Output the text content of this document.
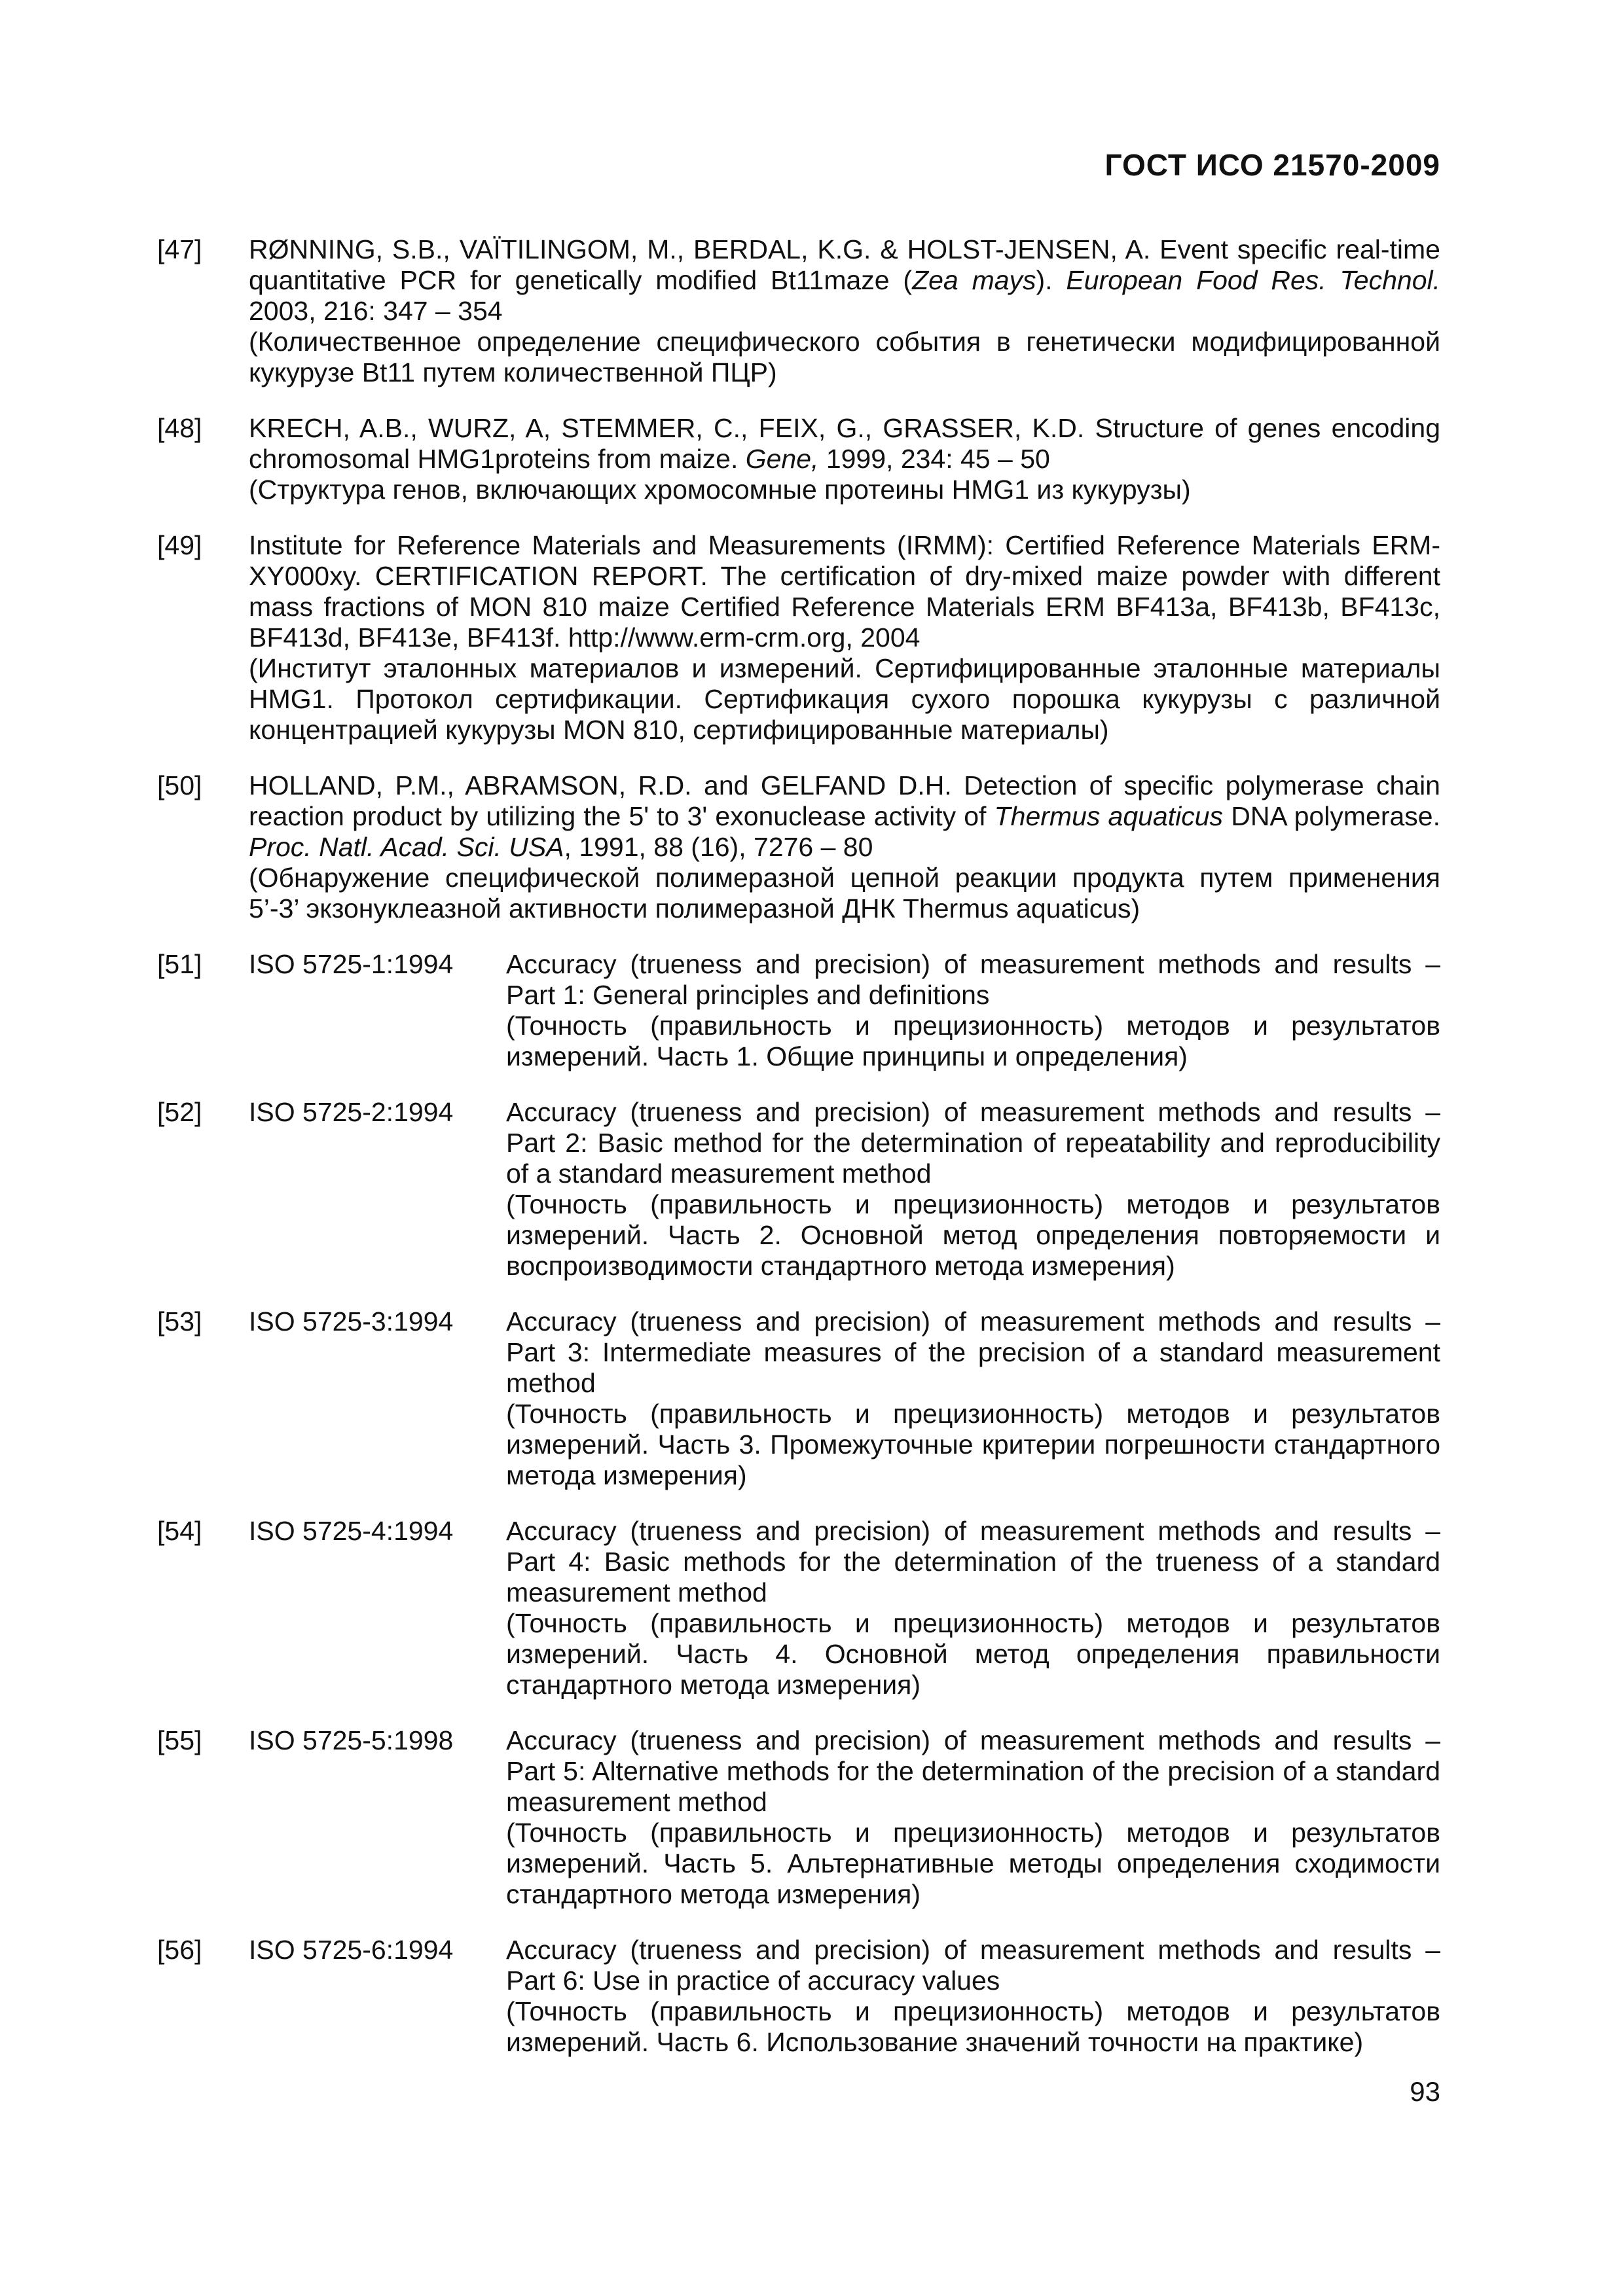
ГОСТ ИСО 21570-2009
[47]	RØNNING, S.B., VAÏTILINGOM, M., BERDAL, K.G. & HOLST-JENSEN, A. Event specific real-time quantitative PCR for genetically modified Bt11maze (Zea mays). European Food Res. Technol. 2003, 216: 347 – 354
(Количественное определение специфического события в генетически модифицированной кукурузе Bt11 путем количественной ПЦР)
[48]	KRECH, A.B., WURZ, A, STEMMER, C., FEIX, G., GRASSER, K.D. Structure of genes encoding chromosomal HMG1proteins from maize. Gene, 1999, 234: 45 – 50
(Структура генов, включающих хромосомные протеины HMG1 из кукурузы)
[49]	Institute for Reference Materials and Measurements (IRMM): Certified Reference Materials ERM-XY000xy. CERTIFICATION REPORT. The certification of dry-mixed maize powder with different mass fractions of MON 810 maize Certified Reference Materials ERM BF413a, BF413b, BF413c, BF413d, BF413e, BF413f. http://www.erm-crm.org, 2004
(Институт эталонных материалов и измерений. Сертифицированные эталонные материалы HMG1. Протокол сертификации. Сертификация сухого порошка кукурузы с различной концентрацией кукурузы MON 810, сертифицированные материалы)
[50]	HOLLAND, P.M., ABRAMSON, R.D. and GELFAND D.H. Detection of specific polymerase chain reaction product by utilizing the 5' to 3' exonuclease activity of Thermus aquaticus DNA polymerase. Proc. Natl. Acad. Sci. USA, 1991, 88 (16), 7276 – 80
(Обнаружение специфической полимеразной цепной реакции продукта путем применения 5’-3’ экзонуклеазной активности полимеразной ДНК Thermus aquaticus)
[51]	ISO 5725-1:1994	Accuracy (trueness and precision) of measurement methods and results – Part 1: General principles and definitions
(Точность (правильность и прецизионность) методов и результатов измерений. Часть 1. Общие принципы и определения)
[52]	ISO 5725-2:1994	Accuracy (trueness and precision) of measurement methods and results – Part 2: Basic method for the determination of repeatability and reproducibility of a standard measurement method
(Точность (правильность и прецизионность) методов и результатов измерений. Часть 2. Основной метод определения повторяемости и воспроизводимости стандартного метода измерения)
[53]	ISO 5725-3:1994	Accuracy (trueness and precision) of measurement methods and results – Part 3: Intermediate measures of the precision of a standard measurement method
(Точность (правильность и прецизионность) методов и результатов измерений. Часть 3. Промежуточные критерии погрешности стандартного метода измерения)
[54]	ISO 5725-4:1994	Accuracy (trueness and precision) of measurement methods and results – Part 4: Basic methods for the determination of the trueness of a standard measurement method
(Точность (правильность и прецизионность) методов и результатов измерений. Часть 4. Основной метод определения правильности стандартного метода измерения)
[55]	ISO 5725-5:1998	Accuracy (trueness and precision) of measurement methods and results – Part 5: Alternative methods for the determination of the precision of a standard measurement method
(Точность (правильность и прецизионность) методов и результатов измерений. Часть 5. Альтернативные методы определения сходимости стандартного метода измерения)
[56]	ISO 5725-6:1994	Accuracy (trueness and precision) of measurement methods and results – Part 6: Use in practice of accuracy values
(Точность (правильность и прецизионность) методов и результатов измерений. Часть 6. Использование значений точности на практике)
93
